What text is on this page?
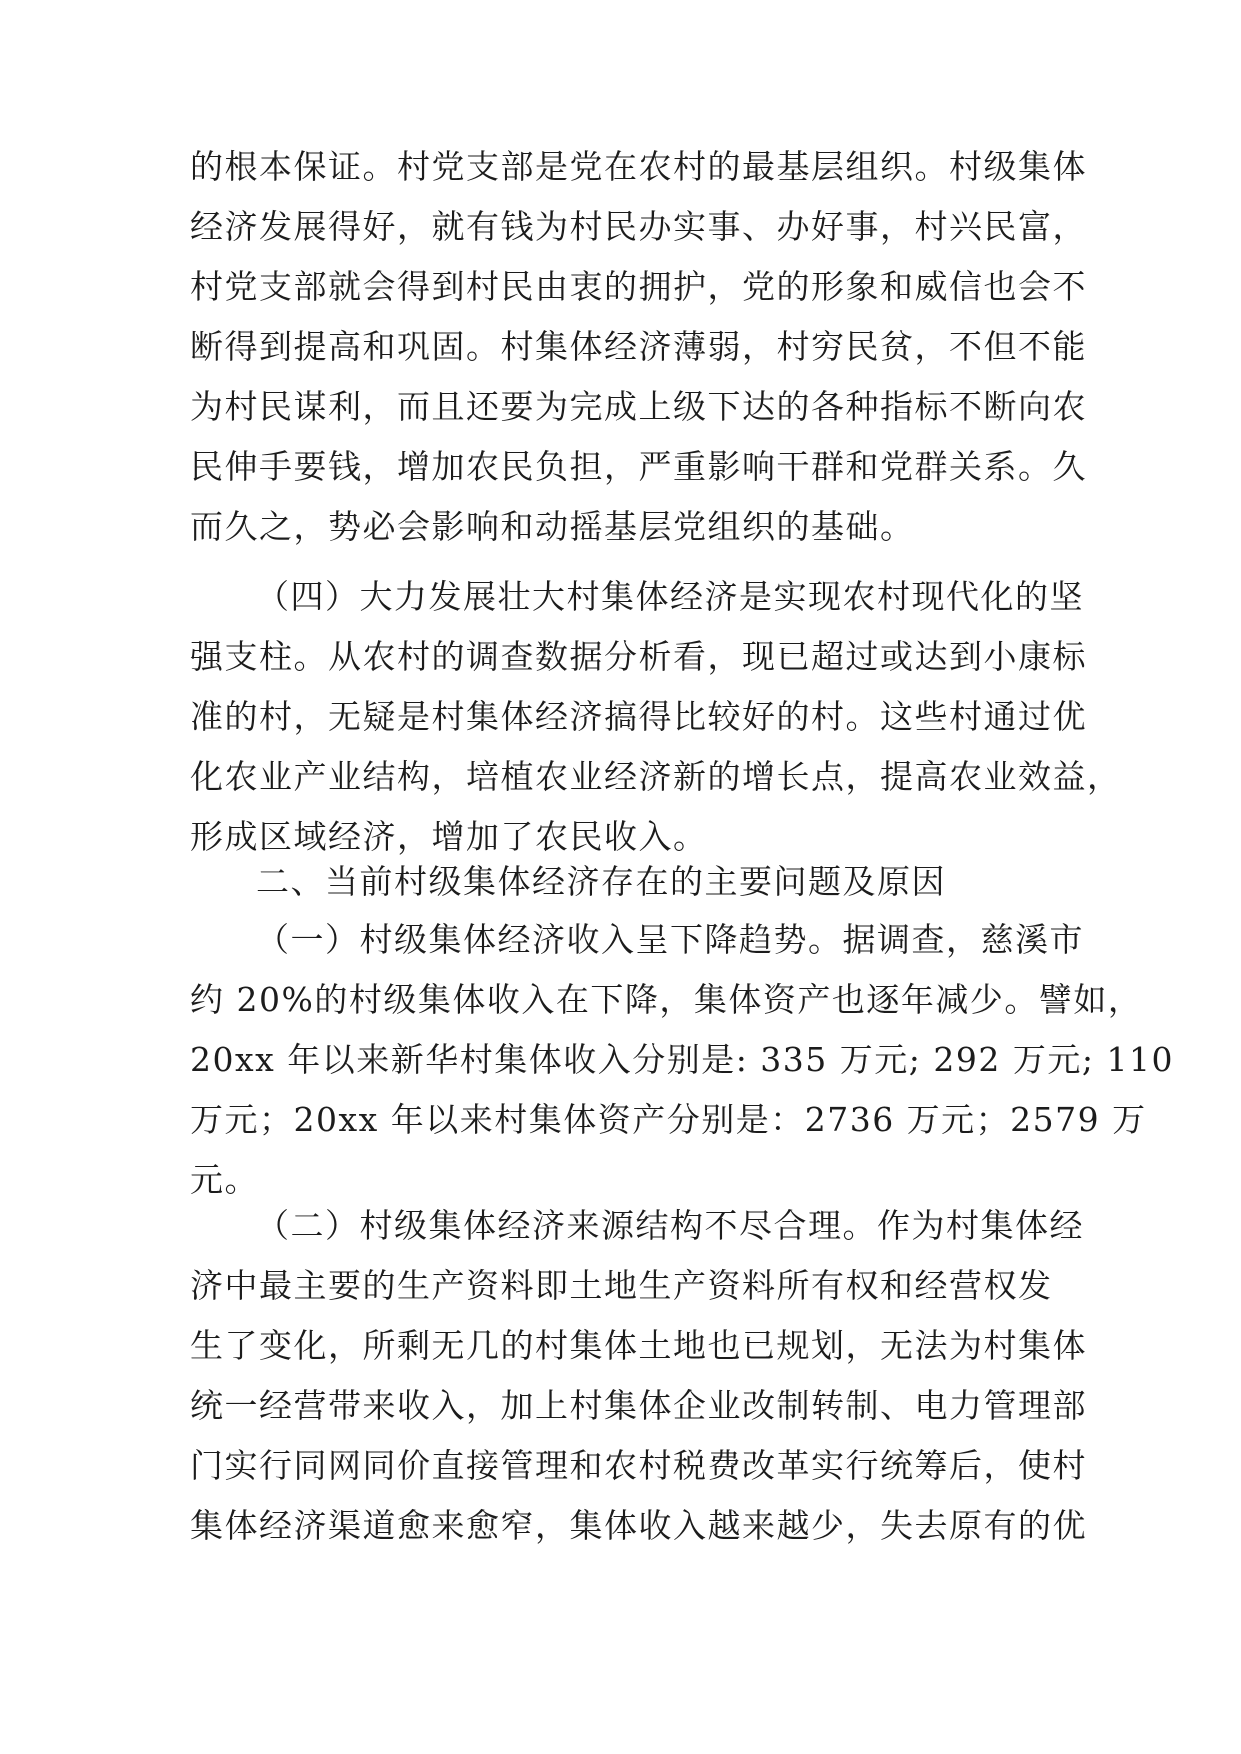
的根本保证。村党支部是党在农村的最基层组织。村级集体
经济发展得好，就有钱为村民办实事、办好事，村兴民富，
村党支部就会得到村民由衷的拥护，党的形象和威信也会不
断得到提高和巩固。村集体经济薄弱，村穷民贫，不但不能
为村民谋利，而且还要为完成上级下达的各种指标不断向农
民伸手要钱，增加农民负担，严重影响干群和党群关系。久
而久之，势必会影响和动摇基层党组织的基础。
（四）大力发展壮大村集体经济是实现农村现代化的坚
强支柱。从农村的调查数据分析看，现已超过或达到小康标
准的村，无疑是村集体经济搞得比较好的村。这些村通过优
化农业产业结构，培植农业经济新的增长点，提高农业效益，
形成区域经济，增加了农民收入。
二、当前村级集体经济存在的主要问题及原因
（一）村级集体经济收入呈下降趋势。据调查，慈溪市
约 20%的村级集体收入在下降，集体资产也逐年减少。譬如，
20xx 年以来新华村集体收入分别是: 335 万元; 292 万元; 110
万元；20xx 年以来村集体资产分别是：2736 万元；2579 万
元。
（二）村级集体经济来源结构不尽合理。作为村集体经
济中最主要的生产资料即土地生产资料所有权和经营权发
生了变化，所剩无几的村集体土地也已规划，无法为村集体
统一经营带来收入，加上村集体企业改制转制、电力管理部
门实行同网同价直接管理和农村税费改革实行统筹后，使村
集体经济渠道愈来愈窄，集体收入越来越少，失去原有的优
